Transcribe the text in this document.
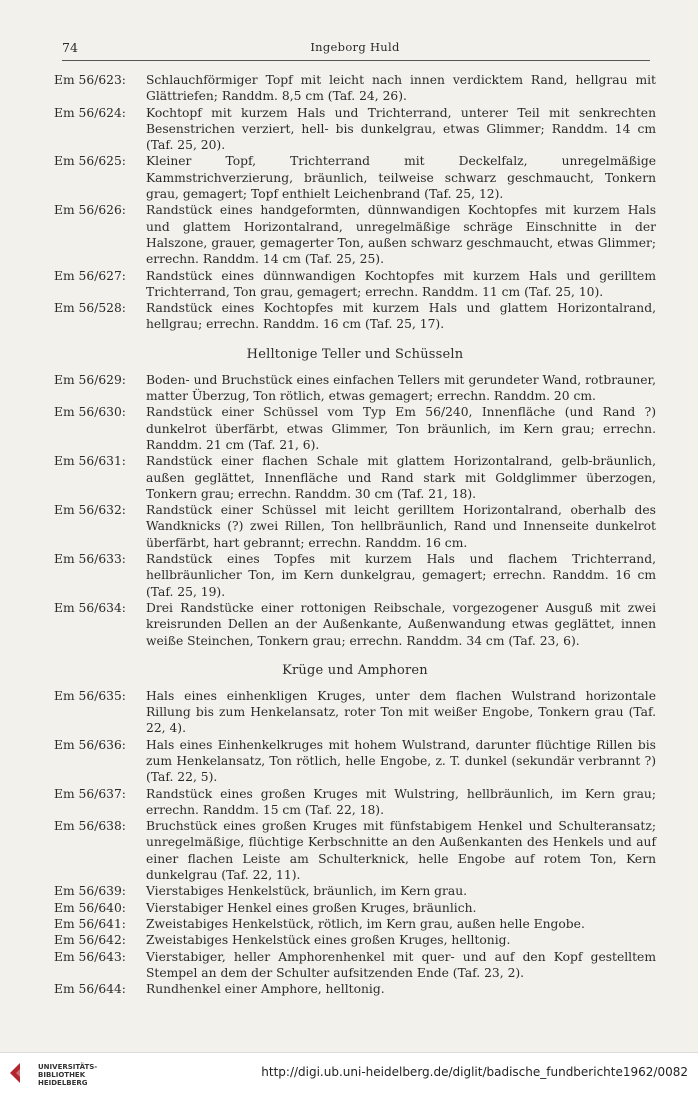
74	Ingeborg Huld
Em 56/623:	Schlauchförmiger Topf mit leicht nach innen verdicktem Rand, hellgrau mit Glättriefen; Randdm. 8,5 cm (Taf. 24, 26).
Em 56/624:	Kochtopf mit kurzem Hals und Trichterrand, unterer Teil mit senkrechten Besenstrichen verziert, hell- bis dunkelgrau, etwas Glimmer; Randdm. 14 cm (Taf. 25, 20).
Em 56/625:	Kleiner Topf, Trichterrand mit Deckelfalz, unregelmäßige Kammstrichverzierung, bräunlich, teilweise schwarz geschmaucht, Tonkern grau, gemagert; Topf enthielt Leichenbrand (Taf. 25, 12).
Em 56/626:	Randstück eines handgeformten, dünnwandigen Kochtopfes mit kurzem Hals und glattem Horizontalrand, unregelmäßige schräge Einschnitte in der Halszone, grauer, gemagerter Ton, außen schwarz geschmaucht, etwas Glimmer; errechn. Randdm. 14 cm (Taf. 25, 25).
Em 56/627:	Randstück eines dünnwandigen Kochtopfes mit kurzem Hals und gerilltem Trichterrand, Ton grau, gemagert; errechn. Randdm. 11 cm (Taf. 25, 10).
Em 56/528:	Randstück eines Kochtopfes mit kurzem Hals und glattem Horizontalrand, hellgrau; errechn. Randdm. 16 cm (Taf. 25, 17).
Helltonige Teller und Schüsseln
Em 56/629:	Boden- und Bruchstück eines einfachen Tellers mit gerundeter Wand, rotbrauner, matter Überzug, Ton rötlich, etwas gemagert; errechn. Randdm. 20 cm.
Em 56/630:	Randstück einer Schüssel vom Typ Em 56/240, Innenfläche (und Rand ?) dunkelrot überfärbt, etwas Glimmer, Ton bräunlich, im Kern grau; errechn. Randdm. 21 cm (Taf. 21, 6).
Em 56/631:	Randstück einer flachen Schale mit glattem Horizontalrand, gelb-bräunlich, außen geglättet, Innenfläche und Rand stark mit Goldglimmer überzogen, Tonkern grau; errechn. Randdm. 30 cm (Taf. 21, 18).
Em 56/632:	Randstück einer Schüssel mit leicht gerilltem Horizontalrand, oberhalb des Wandknicks (?) zwei Rillen, Ton hellbräunlich, Rand und Innenseite dunkelrot überfärbt, hart gebrannt; errechn. Randdm. 16 cm.
Em 56/633:	Randstück eines Topfes mit kurzem Hals und flachem Trichterrand, hellbräunlicher Ton, im Kern dunkelgrau, gemagert; errechn. Randdm. 16 cm (Taf. 25, 19).
Em 56/634:	Drei Randstücke einer rottonigen Reibschale, vorgezogener Ausguß mit zwei kreisrunden Dellen an der Außenkante, Außenwandung etwas geglättet, innen weiße Steinchen, Tonkern grau; errechn. Randdm. 34 cm (Taf. 23, 6).
Krüge und Amphoren
Em 56/635:	Hals eines einhenkligen Kruges, unter dem flachen Wulstrand horizontale Rillung bis zum Henkelansatz, roter Ton mit weißer Engobe, Tonkern grau (Taf. 22, 4).
Em 56/636:	Hals eines Einhenkelkruges mit hohem Wulstrand, darunter flüchtige Rillen bis zum Henkelansatz, Ton rötlich, helle Engobe, z. T. dunkel (sekundär verbrannt ?) (Taf. 22, 5).
Em 56/637:	Randstück eines großen Kruges mit Wulstring, hellbräunlich, im Kern grau; errechn. Randdm. 15 cm (Taf. 22, 18).
Em 56/638:	Bruchstück eines großen Kruges mit fünfstabigem Henkel und Schulteransatz; unregelmäßige, flüchtige Kerbschnitte an den Außenkanten des Henkels und auf einer flachen Leiste am Schulterknick, helle Engobe auf rotem Ton, Kern dunkelgrau (Taf. 22, 11).
Em 56/639:	Vierstabiges Henkelstück, bräunlich, im Kern grau.
Em 56/640:	Vierstabiger Henkel eines großen Kruges, bräunlich.
Em 56/641:	Zweistabiges Henkelstück, rötlich, im Kern grau, außen helle Engobe.
Em 56/642:	Zweistabiges Henkelstück eines großen Kruges, helltonig.
Em 56/643:	Vierstabiger, heller Amphorenhenkel mit quer- und auf den Kopf gestelltem Stempel an dem der Schulter aufsitzenden Ende (Taf. 23, 2).
Em 56/644:	Rundhenkel einer Amphore, helltonig.
UNIVERSITÄTS-
BIBLIOTHEK
HEIDELBERG
http://digi.ub.uni-heidelberg.de/diglit/badische_fundberichte1962/0082
